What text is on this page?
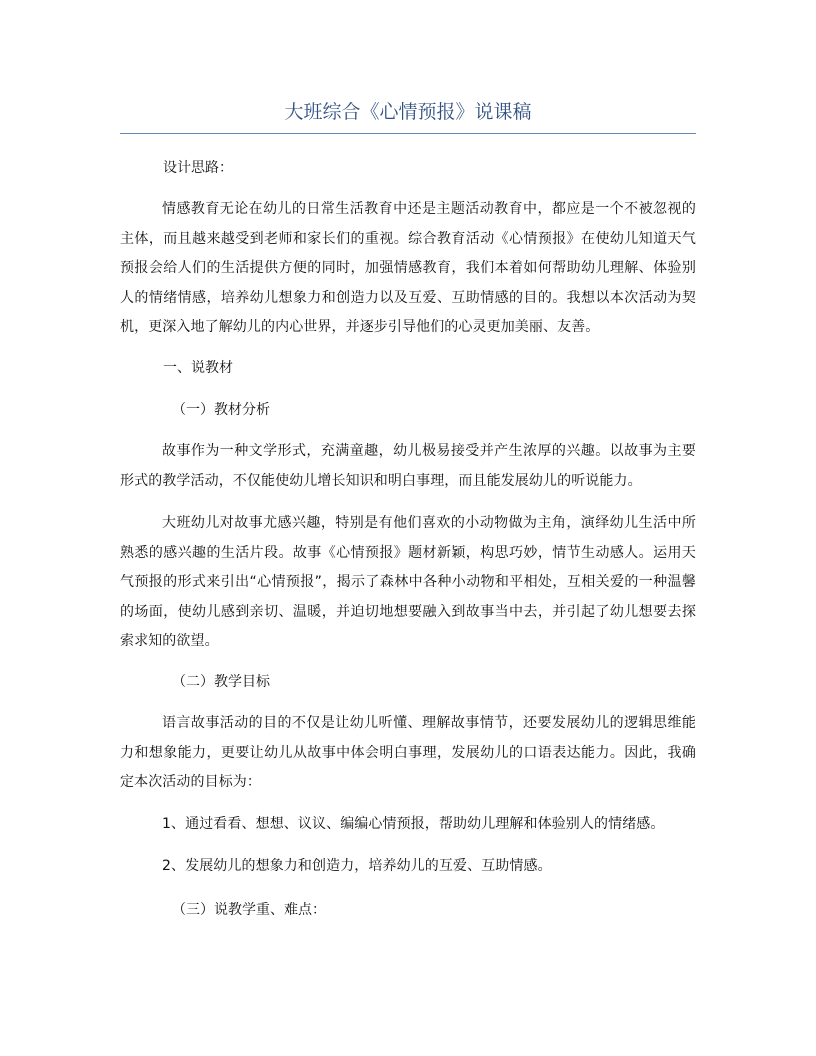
大班综合《心情预报》说课稿

设计思路：

情感教育无论在幼儿的日常生活教育中还是主题活动教育中，都应是一个不被忽视的主体，而且越来越受到老师和家长们的重视。综合教育活动《心情预报》在使幼儿知道天气预报会给人们的生活提供方便的同时，加强情感教育，我们本着如何帮助幼儿理解、体验别人的情绪情感，培养幼儿想象力和创造力以及互爱、互助情感的目的。我想以本次活动为契机，更深入地了解幼儿的内心世界，并逐步引导他们的心灵更加美丽、友善。

一、说教材

（一）教材分析

故事作为一种文学形式，充满童趣，幼儿极易接受并产生浓厚的兴趣。以故事为主要形式的教学活动，不仅能使幼儿增长知识和明白事理，而且能发展幼儿的听说能力。

大班幼儿对故事尤感兴趣，特别是有他们喜欢的小动物做为主角，演绎幼儿生活中所熟悉的感兴趣的生活片段。故事《心情预报》题材新颖，构思巧妙，情节生动感人。运用天气预报的形式来引出“心情预报”，揭示了森林中各种小动物和平相处，互相关爱的一种温馨的场面，使幼儿感到亲切、温暖，并迫切地想要融入到故事当中去，并引起了幼儿想要去探索求知的欲望。

（二）教学目标

语言故事活动的目的不仅是让幼儿听懂、理解故事情节，还要发展幼儿的逻辑思维能力和想象能力，更要让幼儿从故事中体会明白事理，发展幼儿的口语表达能力。因此，我确定本次活动的目标为：

1、通过看看、想想、议议、编编心情预报，帮助幼儿理解和体验别人的情绪感。

2、发展幼儿的想象力和创造力，培养幼儿的互爱、互助情感。

（三）说教学重、难点：
